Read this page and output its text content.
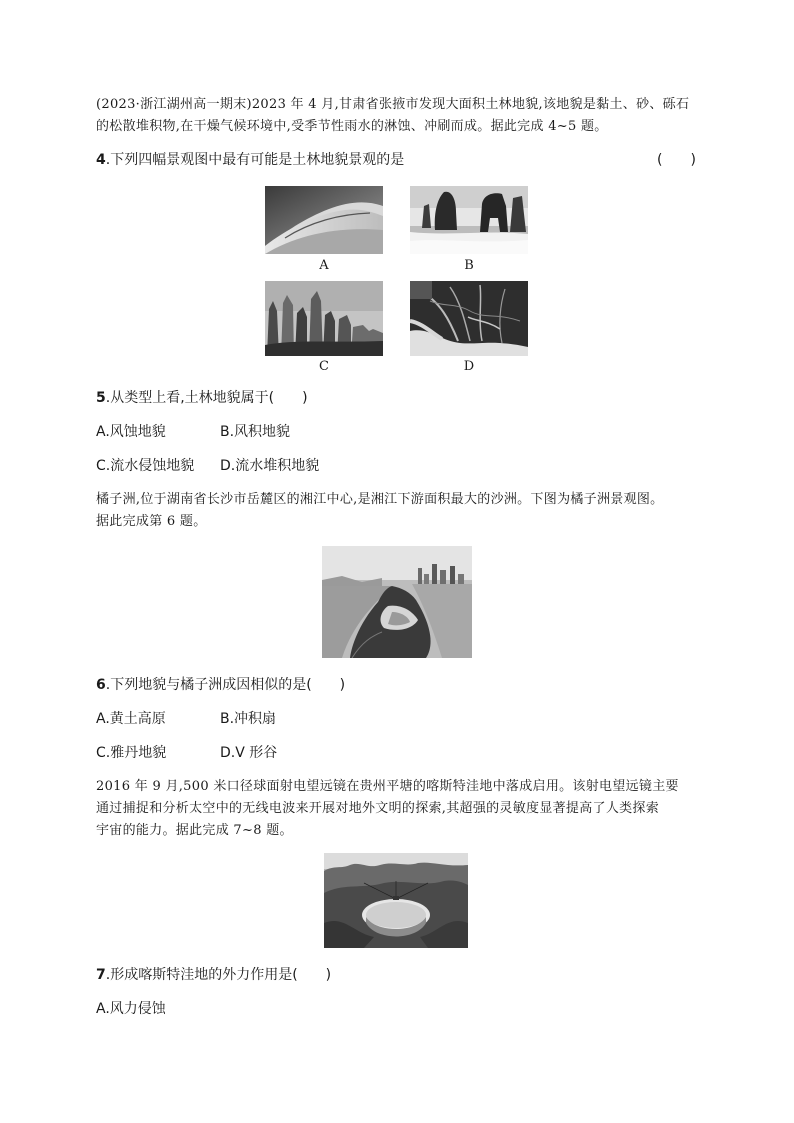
(2023·浙江湖州高一期末)2023 年 4 月,甘肃省张掖市发现大面积土林地貌,该地貌是黏土、砂、砾石
的松散堆积物,在干燥气候环境中,受季节性雨水的淋蚀、冲刷而成。据此完成 4~5 题。
4.下列四幅景观图中最有可能是土林地貌景观的是	(　　)
A	B
C	D
5.从类型上看,土林地貌属于(　　)
A.风蚀地貌	B.风积地貌
C.流水侵蚀地貌 D.流水堆积地貌
橘子洲,位于湖南省长沙市岳麓区的湘江中心,是湘江下游面积最大的沙洲。下图为橘子洲景观图。
据此完成第 6 题。
6.下列地貌与橘子洲成因相似的是(　　)
A.黄土高原	B.冲积扇
C.雅丹地貌	D.V 形谷
2016 年 9 月,500 米口径球面射电望远镜在贵州平塘的喀斯特洼地中落成启用。该射电望远镜主要
通过捕捉和分析太空中的无线电波来开展对地外文明的探索,其超强的灵敏度显著提高了人类探索
宇宙的能力。据此完成 7~8 题。
7.形成喀斯特洼地的外力作用是(　　)
A.风力侵蚀
